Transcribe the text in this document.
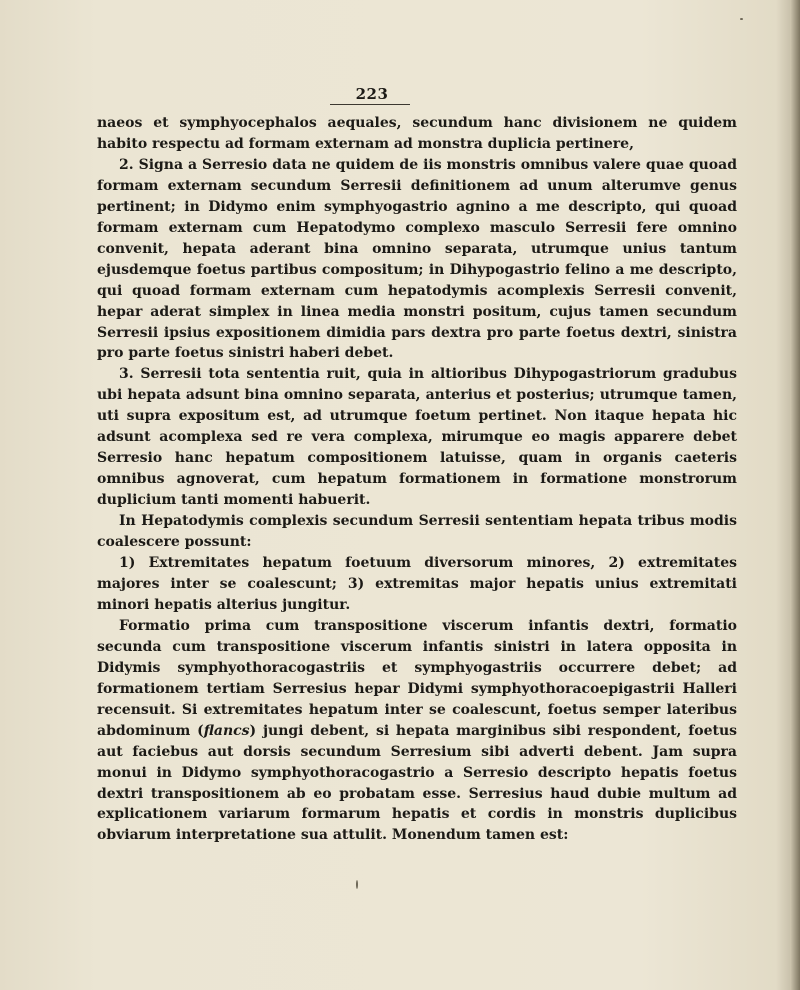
223

naeos et symphyocephalos aequales, secundum hanc divisionem ne quidem habito respectu ad formam externam ad monstra duplicia pertinere,

2. Signa a Serresio data ne quidem de iis monstris omnibus valere quae quoad formam externam secundum Serresii definitionem ad unum alterumve genus pertinent; in Didymo enim symphyogastrio agnino a me descripto, qui quoad formam externam cum Hepatodymo complexo masculo Serresii fere omnino convenit, hepata aderant bina omnino separata, utrumque unius tantum ejusdemque foetus partibus compositum; in Dihypogastrio felino a me descripto, qui quoad formam externam cum hepatodymis acomplexis Serresii convenit, hepar aderat simplex in linea media monstri positum, cujus tamen secundum Serresii ipsius expositionem dimidia pars dextra pro parte foetus dextri, sinistra pro parte foetus sinistri haberi debet.

3. Serresii tota sententia ruit, quia in altioribus Dihypogastriorum gradubus ubi hepata adsunt bina omnino separata, anterius et posterius; utrumque tamen, uti supra expositum est, ad utrumque foetum pertinet. Non itaque hepata hic adsunt acomplexa sed re vera complexa, mirumque eo magis apparere debet Serresio hanc hepatum compositionem latuisse, quam in organis caeteris omnibus agnoverat, cum hepatum formationem in formatione monstrorum duplicium tanti momenti habuerit.

In Hepatodymis complexis secundum Serresii sententiam hepata tribus modis coalescere possunt:

1) Extremitates hepatum foetuum diversorum minores, 2) extremitates majores inter se coalescunt; 3) extremitas major hepatis unius extremitati minori hepatis alterius jungitur.

Formatio prima cum transpositione viscerum infantis dextri, formatio secunda cum transpositione viscerum infantis sinistri in latera opposita in Didymis symphyothoracogastriis et symphyogastriis occurrere debet; ad formationem tertiam Serresius hepar Didymi symphyothoracoepigastrii Halleri recensuit. Si extremitates hepatum inter se coalescunt, foetus semper lateribus abdominum (flancs) jungi debent, si hepata marginibus sibi respondent, foetus aut faciebus aut dorsis secundum Serresium sibi adverti debent. Jam supra monui in Didymo symphyothoracogastrio a Serresio descripto hepatis foetus dextri transpositionem ab eo probatam esse. Serresius haud dubie multum ad explicationem variarum formarum hepatis et cordis in monstris duplicibus obviarum interpretatione sua attulit. Monendum tamen est:
